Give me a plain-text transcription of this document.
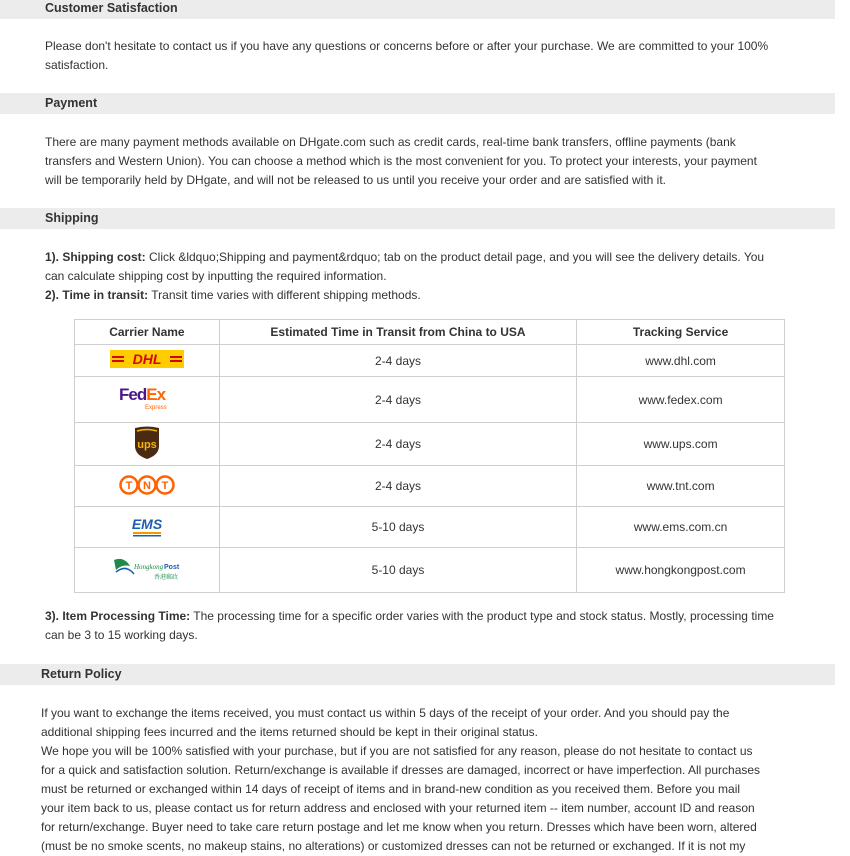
Customer Satisfaction
Please don't hesitate to contact us if you have any questions or concerns before or after your purchase. We are committed to your 100%
satisfaction.
Payment
There are many payment methods available on DHgate.com such as credit cards, real-time bank transfers, offline payments (bank
transfers and Western Union). You can choose a method which is the most convenient for you. To protect your interests, your payment
will be temporarily held by DHgate, and will not be released to us until you receive your order and are satisfied with it.
Shipping
1). Shipping cost: Click &ldquo;Shipping and payment&rdquo; tab on the product detail page, and you will see the delivery details. You
can calculate shipping cost by inputting the required information.
2). Time in transit: Transit time varies with different shipping methods.
Carrier Name	Estimated Time in Transit from China to USA	Tracking Service

DHL	2-4 days	www.dhl.com

FedEx
Express	2-4 days	www.fedex.com

ups	2-4 days	www.ups.com

T N T	2-4 days	www.tnt.com

EMS	5-10 days	www.ems.com.cn

Hongkong Post
香港郵政	5-10 days	www.hongkongpost.com
3). Item Processing Time: The processing time for a specific order varies with the product type and stock status. Mostly, processing time
can be 3 to 15 working days.
Return Policy
If you want to exchange the items received, you must contact us within 5 days of the receipt of your order. And you should pay the
additional shipping fees incurred and the items returned should be kept in their original status.
We hope you will be 100% satisfied with your purchase, but if you are not satisfied for any reason, please do not hesitate to contact us
for a quick and satisfaction solution. Return/exchange is available if dresses are damaged, incorrect or have imperfection. All purchases
must be returned or exchanged within 14 days of receipt of items and in brand-new condition as you received them. Before you mail
your item back to us, please contact us for return address and enclosed with your returned item -- item number, account ID and reason
for return/exchange. Buyer need to take care return postage and let me know when you return. Dresses which have been worn, altered
(must be no smoke scents, no makeup stains, no alterations) or customized dresses can not be returned or exchanged. If it is not my
